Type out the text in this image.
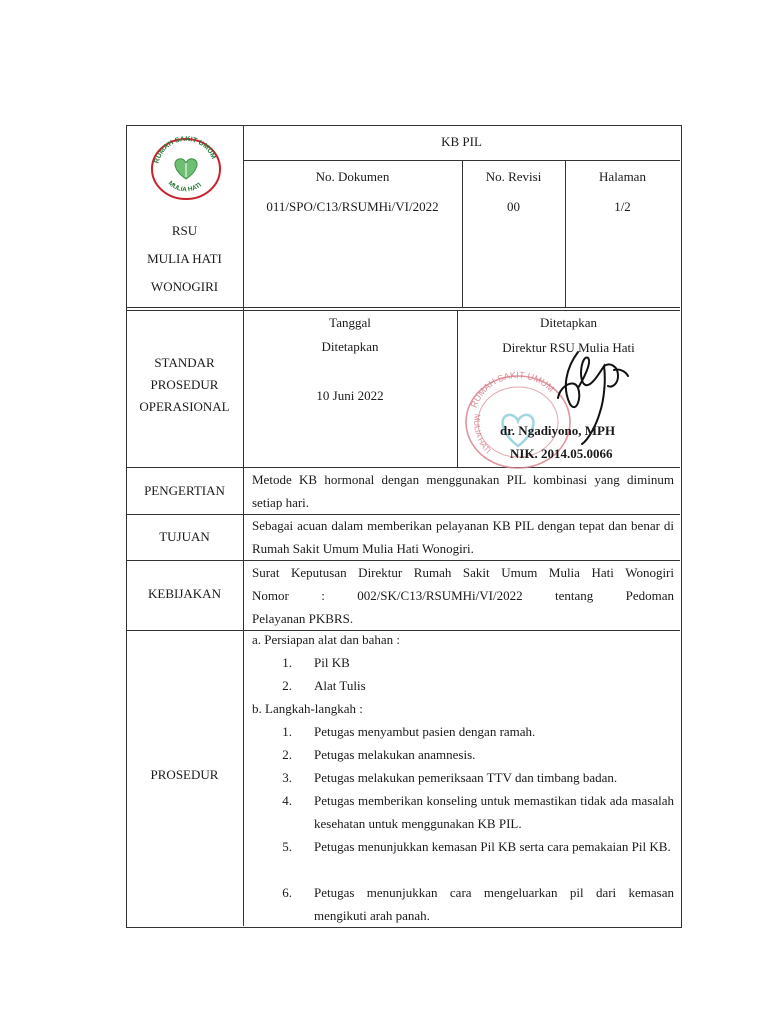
RUMAH SAKIT UMUM
MULIA HATI
RSU
MULIA HATI
WONOGIRI
KB PIL
No. Dokumen
011/SPO/C13/RSUMHi/VI/2022
No. Revisi
00
Halaman
1/2
STANDAR
PROSEDUR
OPERASIONAL
Tanggal
Ditetapkan
10 Juni 2022
RUMAH SAKIT UMUM
MULIA HATI
Ditetapkan
Direktur RSU Mulia Hati
dr. Ngadiyono, MPH
NIK. 2014.05.0066
PENGERTIAN
Metode KB hormonal dengan menggunakan PIL kombinasi yang diminum setiap hari.
TUJUAN
Sebagai acuan dalam memberikan pelayanan KB PIL dengan tepat dan benar di Rumah Sakit Umum Mulia Hati Wonogiri.
KEBIJAKAN
Surat Keputusan Direktur Rumah Sakit Umum Mulia Hati Wonogiri
Nomor : 002/SK/C13/RSUMHi/VI/2022 tentang Pedoman
Pelayanan PKBRS.
PROSEDUR
a. Persiapan alat dan bahan :
1. Pil KB
2. Alat Tulis
b. Langkah-langkah :
1. Petugas menyambut pasien dengan ramah.
2. Petugas melakukan anamnesis.
3. Petugas melakukan pemeriksaan TTV dan timbang badan.
4. Petugas memberikan konseling untuk memastikan tidak ada masalah kesehatan untuk menggunakan KB PIL.
5. Petugas menunjukkan kemasan Pil KB serta cara pemakaian Pil KB.
6. Petugas menunjukkan cara mengeluarkan pil dari kemasan mengikuti arah panah.
